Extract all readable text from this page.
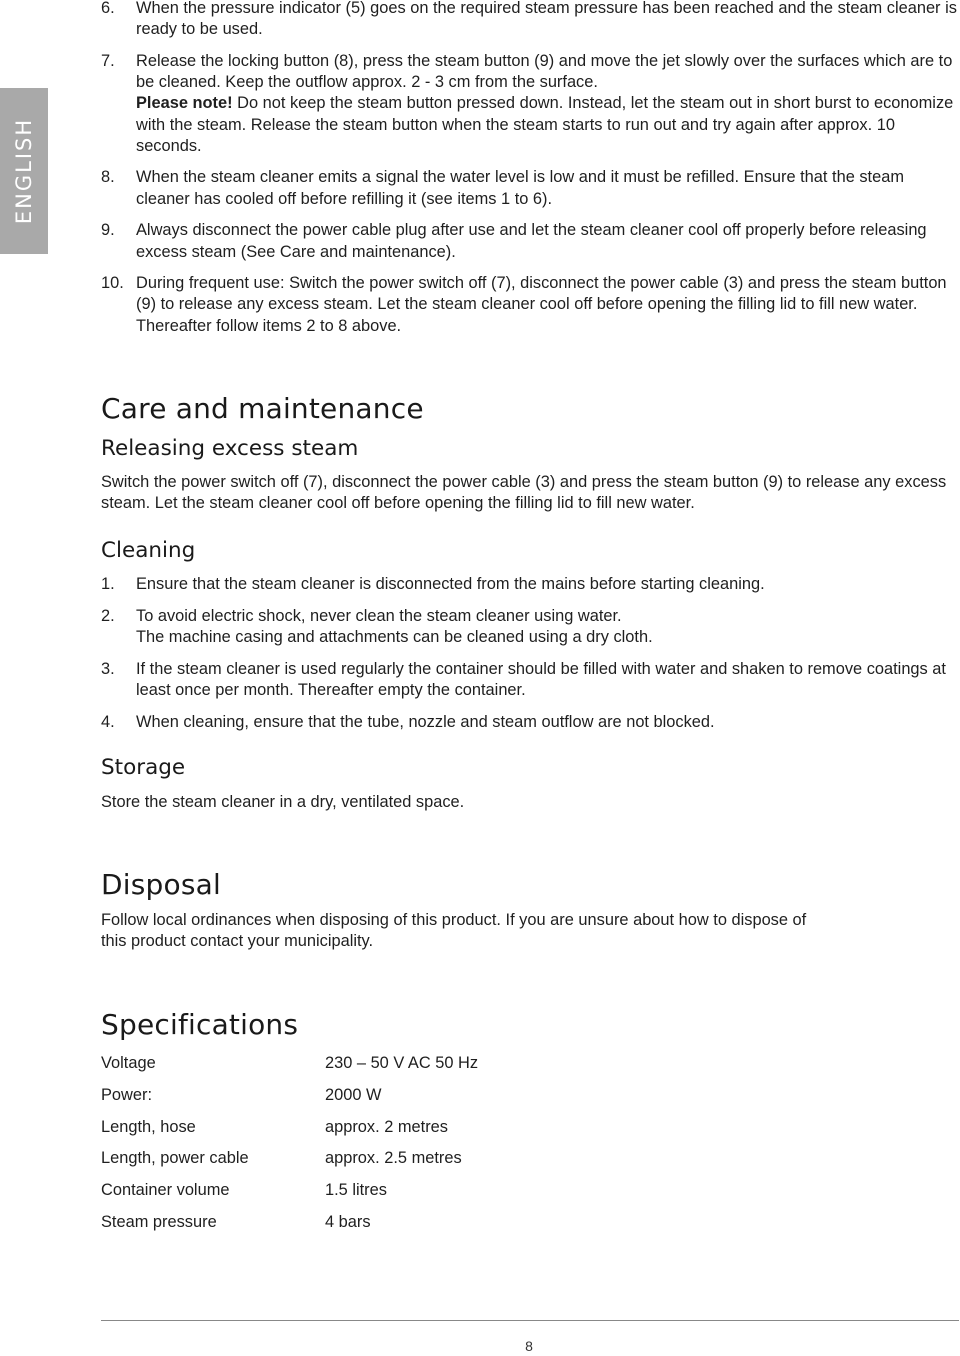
ENGLISH
6. When the pressure indicator (5) goes on the required steam pressure has been reached and the steam cleaner is ready to be used.
7. Release the locking button (8), press the steam button (9) and move the jet slowly over the surfaces which are to be cleaned. Keep the outflow approx. 2 - 3 cm from the surface.
Please note! Do not keep the steam button pressed down. Instead, let the steam out in short burst to economize with the steam. Release the steam button when the steam starts to run out and try again after approx. 10 seconds.
8. When the steam cleaner emits a signal the water level is low and it must be refilled. Ensure that the steam cleaner has cooled off before refilling it (see items 1 to 6).
9. Always disconnect the power cable plug after use and let the steam cleaner cool off properly before releasing excess steam (See Care and maintenance).
10. During frequent use: Switch the power switch off (7), disconnect the power cable (3) and press the steam button (9) to release any excess steam. Let the steam cleaner cool off before opening the filling lid to fill new water. Thereafter follow items 2 to 8 above.
Care and maintenance
Releasing excess steam

Switch the power switch off (7), disconnect the power cable (3) and press the steam button (9) to release any excess steam. Let the steam cleaner cool off before opening the filling lid to fill new water.

Cleaning
1. Ensure that the steam cleaner is disconnected from the mains before starting cleaning.
2. To avoid electric shock, never clean the steam cleaner using water.
The machine casing and attachments can be cleaned using a dry cloth.
3. If the steam cleaner is used regularly the container should be filled with water and shaken to remove coatings at least once per month. Thereafter empty the container.
4. When cleaning, ensure that the tube, nozzle and steam outflow are not blocked.
Storage

Store the steam cleaner in a dry, ventilated space.

Disposal

Follow local ordinances when disposing of this product. If you are unsure about how to dispose of
this product contact your municipality.

Specifications
Voltage	230 – 50 V AC 50 Hz
Power:	2000 W
Length, hose	approx. 2 metres
Length, power cable	approx. 2.5 metres
Container volume	1.5 litres
Steam pressure	4 bars
8
